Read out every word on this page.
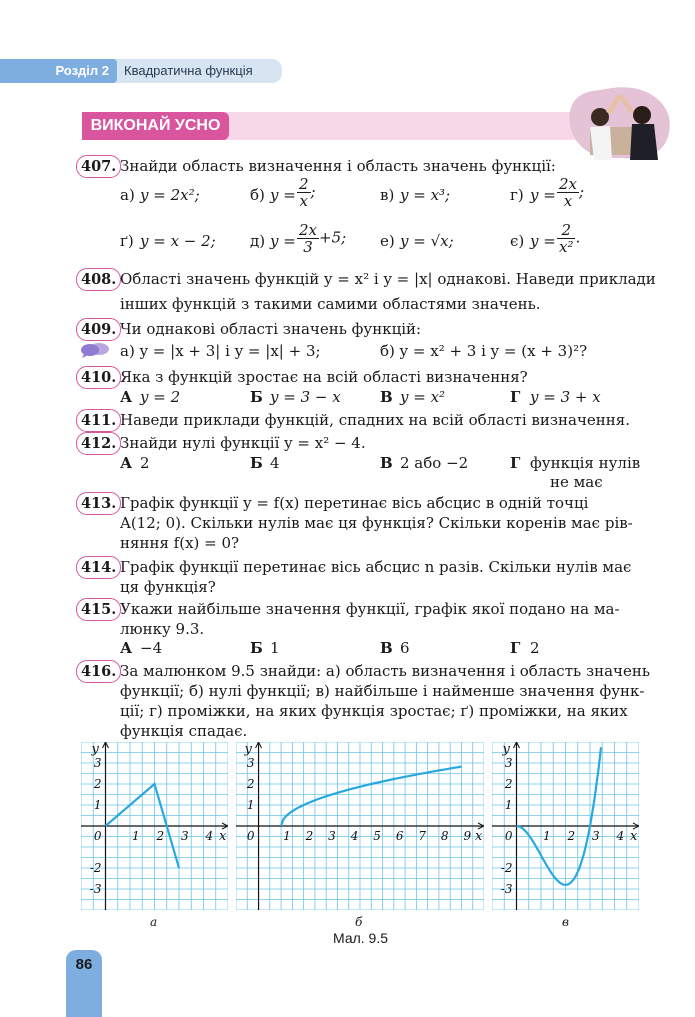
Розділ 2	Квадратична функція
ВИКОНАЙ УСНО
407. Знайди область визначення і область значень функції:
а) y = 2x²;	б) $y = \frac{2}{x}$ ;	в) y = x³;	г) $y = \frac{2x}{x}$ ;
ґ) y = x − 2; д) $y = \frac{2x}{3} +5$; е) y = √x;	є) $y = \frac{2}{\text{x²}}$ .
408. Області значень функцій y = x² і y = |x| однакові. Наведи приклади
інших функцій з такими самими областями значень.
409. Чи однакові області значень функцій:
а) y = |x + 3| і y = |x| + 3;	б) y = x² + 3 і y = (x + 3)²?
410. Яка з функцій зростає на всій області визначення?
А y = 2	Б y = 3 − x	В y = x²	Г y = 3 + x
411. Наведи приклади функцій, спадних на всій області визначення.
412. Знайди нулі функції y = x² − 4.
А 2	Б 4	В 2 або −2	Г функція нулів
не має
413. Графік функції y = f(x) перетинає вісь абсцис в одній точці
A(12; 0). Скільки нулів має ця функція? Скільки коренів має рів-
няння f(x) = 0?
414. Графік функції перетинає вісь абсцис n разів. Скільки нулів має
ця функція?
415. Укажи найбільше значення функції, графік якої подано на ма-
люнку 9.3.
А −4	Б 1	В 6	Г 2
416. За малюнком 9.5 знайди: а) область визначення і область значень
функції; б) нулі функції; в) найбільше і найменше значення функ-
ції; г) проміжки, на яких функція зростає; ґ) проміжки, на яких
функція спадає.
1 2 3 4
-3
-2
1
2
3
0	x
y
1 2 3 4 5 6 7 8 9
1
2
3
0	x
y
1 2 3 4
-3
-2
1
2
3
0	x
y
а	б	в
Мал. 9.5
86
